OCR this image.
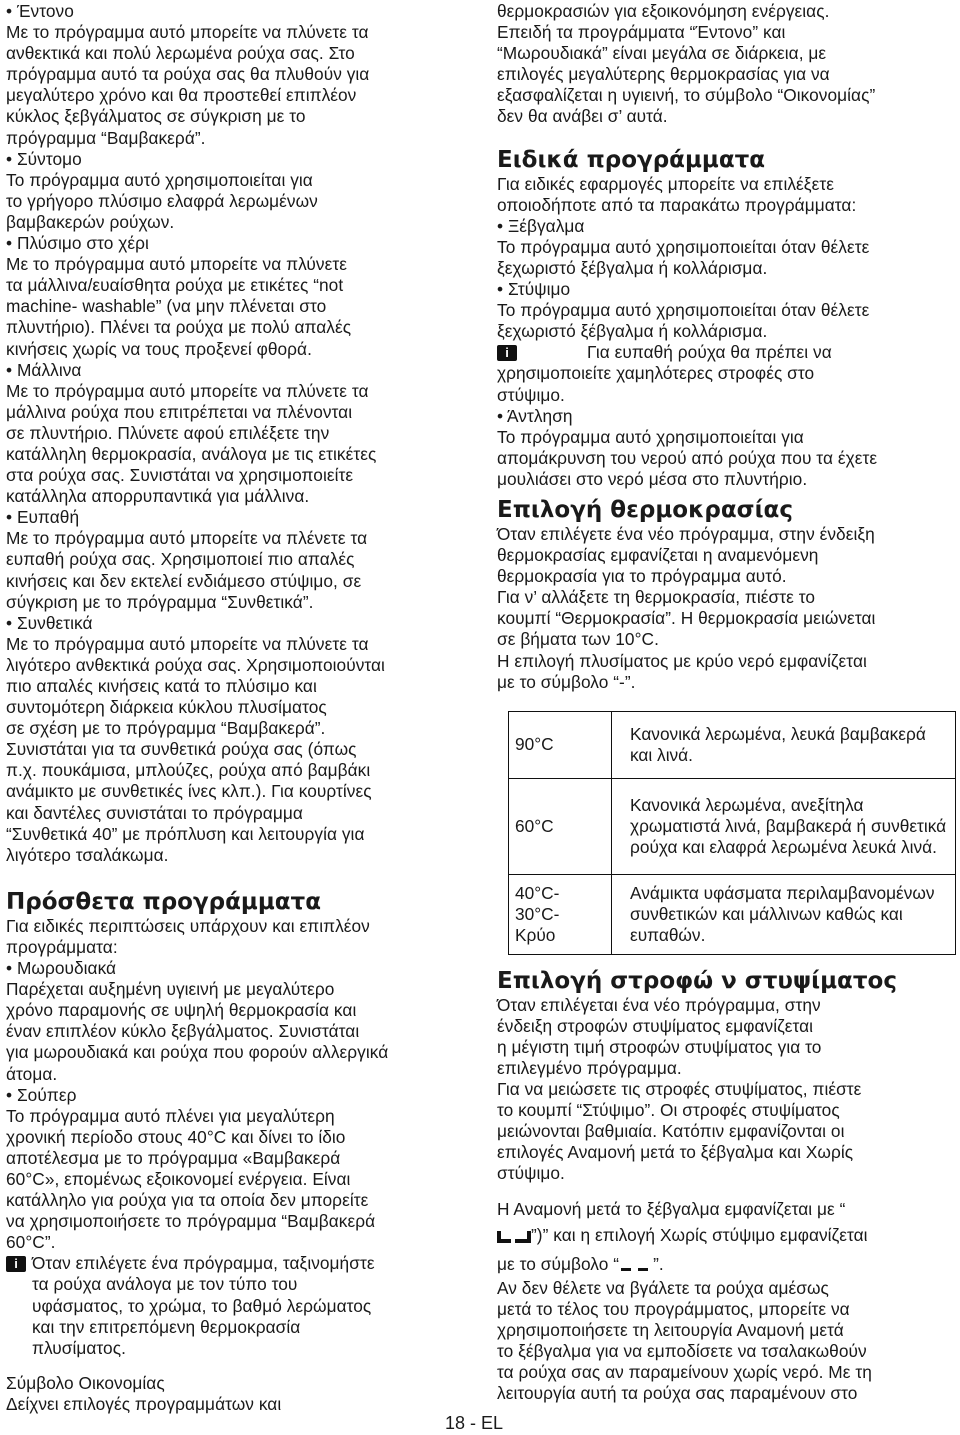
• Έντονο
Με το πρόγραμμα αυτό μπορείτε να πλύνετε τα
ανθεκτικά και πολύ λερωμένα ρούχα σας. Στο
πρόγραμμα αυτό τα ρούχα σας θα πλυθούν για
μεγαλύτερο χρόνο και θα προστεθεί επιπλέον
κύκλος ξεβγάλματος σε σύγκριση με το
πρόγραμμα “Βαμβακερά”.
• Σύντομο
Το πρόγραμμα αυτό χρησιμοποιείται για
το γρήγορο πλύσιμο ελαφρά λερωμένων
βαμβακερών ρούχων.
• Πλύσιμο στο χέρι
Με το πρόγραμμα αυτό μπορείτε να πλύνετε
τα μάλλινα/ευαίσθητα ρούχα με ετικέτες “not
machine- washable” (να μην πλένεται στο
πλυντήριο). Πλένει τα ρούχα με πολύ απαλές
κινήσεις χωρίς να τους προξενεί φθορά.
• Μάλλινα
Με το πρόγραμμα αυτό μπορείτε να πλύνετε τα
μάλλινα ρούχα που επιτρέπεται να πλένονται
σε πλυντήριο. Πλύνετε αφού επιλέξετε την
κατάλληλη θερμοκρασία, ανάλογα με τις ετικέτες
στα ρούχα σας. Συνιστάται να χρησιμοποιείτε
κατάλληλα απορρυπαντικά για μάλλινα.
• Ευπαθή
Με το πρόγραμμα αυτό μπορείτε να πλένετε τα
ευπαθή ρούχα σας. Χρησιμοποιεί πιο απαλές
κινήσεις και δεν εκτελεί ενδιάμεσο στύψιμο, σε
σύγκριση με το πρόγραμμα “Συνθετικά”.
• Συνθετικά
Με το πρόγραμμα αυτό μπορείτε να πλύνετε τα
λιγότερο ανθεκτικά ρούχα σας. Χρησιμοποιούνται
πιο απαλές κινήσεις κατά το πλύσιμο και
συντομότερη διάρκεια κύκλου πλυσίματος
σε σχέση με το πρόγραμμα “Βαμβακερά”.
Συνιστάται για τα συνθετικά ρούχα σας (όπως
π.χ. πουκάμισα, μπλούζες, ρούχα από βαμβάκι
ανάμικτο με συνθετικές ίνες κλπ.). Για κουρτίνες
και δαντέλες συνιστάται το πρόγραμμα
“Συνθετικά 40” με πρόπλυση και λειτουργία για
λιγότερο τσαλάκωμα.
Πρόσθετα προγράμματα
Για ειδικές περιπτώσεις υπάρχουν και επιπλέον
προγράμματα:
• Μωρουδιακά
Παρέχεται αυξημένη υγιεινή με μεγαλύτερο
χρόνο παραμονής σε υψηλή θερμοκρασία και
έναν επιπλέον κύκλο ξεβγάλματος. Συνιστάται
για μωρουδιακά και ρούχα που φορούν αλλεργικά
άτομα.
• Σούπερ
Το πρόγραμμα αυτό πλένει για μεγαλύτερη
χρονική περίοδο στους 40°C και δίνει το ίδιο
αποτέλεσμα με το πρόγραμμα «Βαμβακερά
60°C», επομένως εξοικονομεί ενέργεια. Είναι
κατάλληλο για ρούχα για τα οποία δεν μπορείτε
να χρησιμοποιήσετε το πρόγραμμα “Βαμβακερά
60°C”.
i Όταν επιλέγετε ένα πρόγραμμα, ταξινομήστε
τα ρούχα ανάλογα με τον τύπο του
υφάσματος, το χρώμα, το βαθμό λερώματος
και την επιτρεπόμενη θερμοκρασία
πλυσίματος.
Σύμβολο Οικονομίας
Δείχνει επιλογές προγραμμάτων και
θερμοκρασιών για εξοικονόμηση ενέργειας.
Επειδή τα προγράμματα “Έντονο” και
“Μωρουδιακά” είναι μεγάλα σε διάρκεια, με
επιλογές μεγαλύτερης θερμοκρασίας για να
εξασφαλίζεται η υγιεινή, το σύμβολο “Οικονομίας”
δεν θα ανάβει σ’ αυτά.
Ειδικά προγράμματα
Για ειδικές εφαρμογές μπορείτε να επιλέξετε
οποιοδήποτε από τα παρακάτω προγράμματα:
• Ξέβγαλμα
Το πρόγραμμα αυτό χρησιμοποιείται όταν θέλετε
ξεχωριστό ξέβγαλμα ή κολλάρισμα.
• Στύψιμο
Το πρόγραμμα αυτό χρησιμοποιείται όταν θέλετε
ξεχωριστό ξέβγαλμα ή κολλάρισμα.
i	Για ευπαθή ρούχα θα πρέπει να
χρησιμοποιείτε χαμηλότερες στροφές στο
στύψιμο.
• Άντληση
Το πρόγραμμα αυτό χρησιμοποιείται για
απομάκρυνση του νερού από ρούχα που τα έχετε
μουλιάσει στο νερό μέσα στο πλυντήριο.
Επιλογή θερμοκρασίας
Όταν επιλέγετε ένα νέο πρόγραμμα, στην ένδειξη
θερμοκρασίας εμφανίζεται η αναμενόμενη
θερμοκρασία για το πρόγραμμα αυτό.
Για ν’ αλλάξετε τη θερμοκρασία, πιέστε το
κουμπί “Θερμοκρασία”. Η θερμοκρασία μειώνεται
σε βήματα των 10°C.
Η επιλογή πλυσίματος με κρύο νερό εμφανίζεται
με το σύμβολο “-”.
90°C	Κανονικά λερωμένα, λευκά βαμβακερά και λινά.
60°C	Κανονικά λερωμένα, ανεξίτηλα χρωματιστά λινά, βαμβακερά ή συνθετικά ρούχα και ελαφρά λερωμένα λευκά λινά.
40°C-
30°C-
Κρύο	Ανάμικτα υφάσματα περιλαμβανομένων συνθετικών και μάλλινων καθώς και ευπαθών.
Επιλογή στροφώ ν στυψίματος
Όταν επιλέγεται ένα νέο πρόγραμμα, στην
ένδειξη στροφών στυψίματος εμφανίζεται
η μέγιστη τιμή στροφών στυψίματος για το
επιλεγμένο πρόγραμμα.
Για να μειώσετε τις στροφές στυψίματος, πιέστε
το κουμπί “Στύψιμο”. Οι στροφές στυψίματος
μειώνονται βαθμιαία. Κατόπιν εμφανίζονται οι
επιλογές Αναμονή μετά το ξέβγαλμα και Χωρίς
στύψιμο.
Η Αναμονή μετά το ξέβγαλμα εμφανίζεται με “
”)” και η επιλογή Χωρίς στύψιμο εμφανίζεται
με το σύμβολο “ ”.
Αν δεν θέλετε να βγάλετε τα ρούχα αμέσως
μετά το τέλος του προγράμματος, μπορείτε να
χρησιμοποιήσετε τη λειτουργία Αναμονή μετά
το ξέβγαλμα για να εμποδίσετε να τσαλακωθούν
τα ρούχα σας αν παραμείνουν χωρίς νερό. Με τη
λειτουργία αυτή τα ρούχα σας παραμένουν στο
18 - EL
